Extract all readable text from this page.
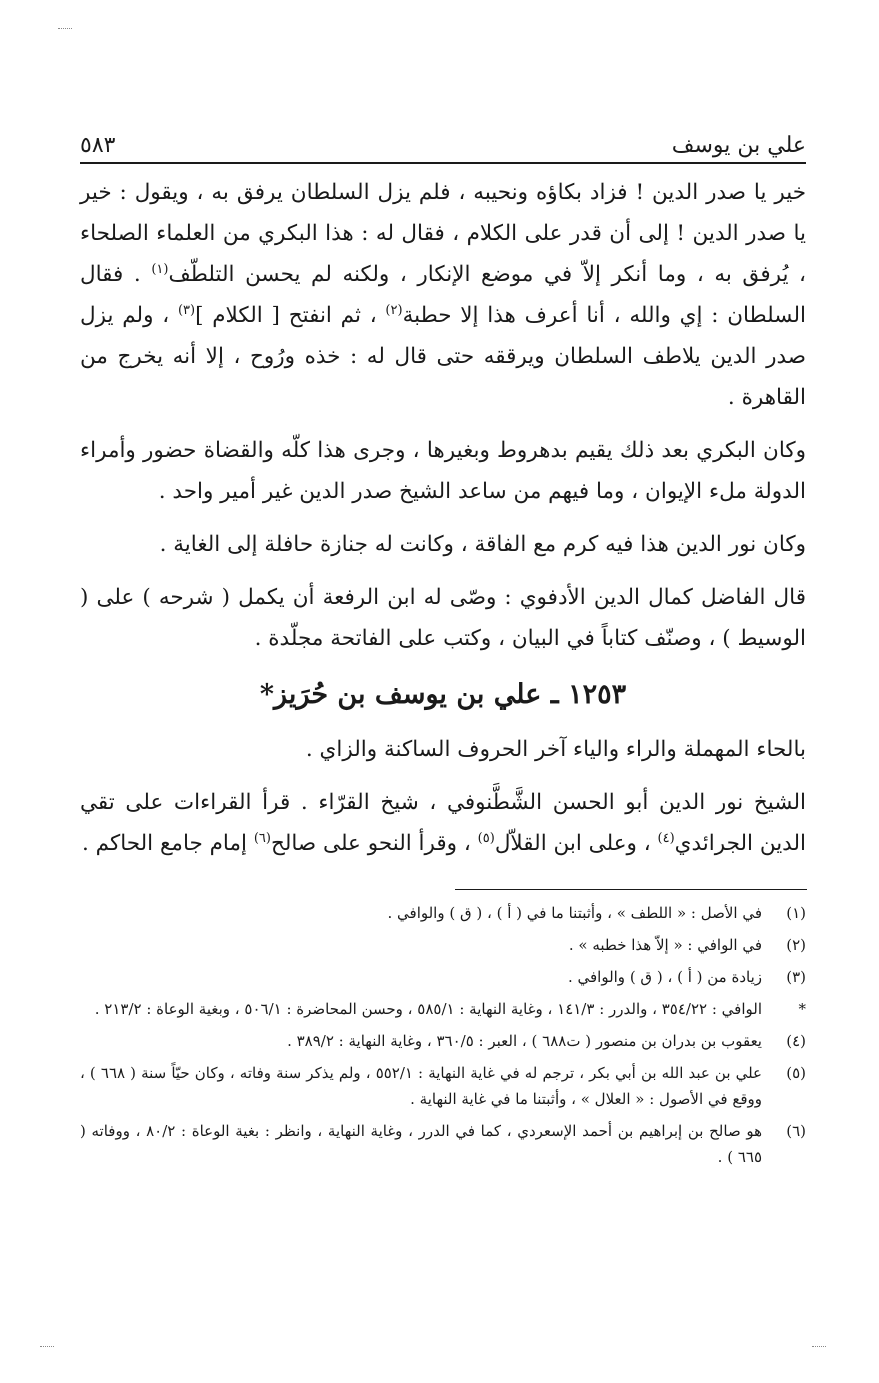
علي بن يوسف
٥٨٣

خير يا صدر الدين ! فزاد بكاؤه ونحيبه ، فلم يزل السلطان يرفق به ، ويقول : خير يا صدر الدين ! إلى أن قدر على الكلام ، فقال له : هذا البكري من العلماء الصلحاء ، يُرفق به ، وما أنكر إلاّ في موضع الإنكار ، ولكنه لم يحسن التلطّف$^{(١)}$ . فقال السلطان : إي والله ، أنا أعرف هذا إلا حطبة$^{(٢)}$ ، ثم انفتح [ الكلام ]$^{(٣)}$ ، ولم يزل صدر الدين يلاطف السلطان ويرققه حتى قال له : خذه ورُوح ، إلا أنه يخرج من القاهرة .

وكان البكري بعد ذلك يقيم بدهروط وبغيرها ، وجرى هذا كلّه والقضاة حضور وأمراء الدولة ملء الإيوان ، وما فيهم من ساعد الشيخ صدر الدين غير أمير واحد .

وكان نور الدين هذا فيه كرم مع الفاقة ، وكانت له جنازة حافلة إلى الغاية .

قال الفاضل كمال الدين الأدفوي : وصّى له ابن الرفعة أن يكمل ( شرحه ) على ( الوسيط ) ، وصنّف كتاباً في البيان ، وكتب على الفاتحة مجلّدة .

١٢٥٣ ـ علي بن يوسف بن حُرَيز*

بالحاء المهملة والراء والياء آخر الحروف الساكنة والزاي .

الشيخ نور الدين أبو الحسن الشَّطَّنوفي ، شيخ القرّاء . قرأ القراءات على تقي الدين الجرائدي$^{(٤)}$ ، وعلى ابن القلاّل$^{(٥)}$ ، وقرأ النحو على صالح$^{(٦)}$ إمام جامع الحاكم .

(١)
في الأصل : « اللطف » ، وأثبتنا ما في ( أ ) ، ( ق ) والوافي .
(٢)
في الوافي : « إلاّ هذا خطبه » .
(٣)
زيادة من ( أ ) ، ( ق ) والوافي .
*
الوافي : ٣٥٤/٢٢ ، والدرر : ١٤١/٣ ، وغاية النهاية : ٥٨٥/١ ، وحسن المحاضرة : ٥٠٦/١ ، وبغية الوعاة : ٢١٣/٢ .
(٤)
يعقوب بن بدران بن منصور ( ت٦٨٨ ) ، العبر : ٣٦٠/٥ ، وغاية النهاية : ٣٨٩/٢ .
(٥)
علي بن عبد الله بن أبي بكر ، ترجم له في غاية النهاية : ٥٥٢/١ ، ولم يذكر سنة وفاته ، وكان حيّاً سنة ( ٦٦٨ ) ، ووقع في الأصول : « العلال » ، وأثبتنا ما في غاية النهاية .
(٦)
هو صالح بن إبراهيم بن أحمد الإسعردي ، كما في الدرر ، وغاية النهاية ، وانظر : بغية الوعاة : ٨٠/٢ ، ووفاته ( ٦٦٥ ) .
